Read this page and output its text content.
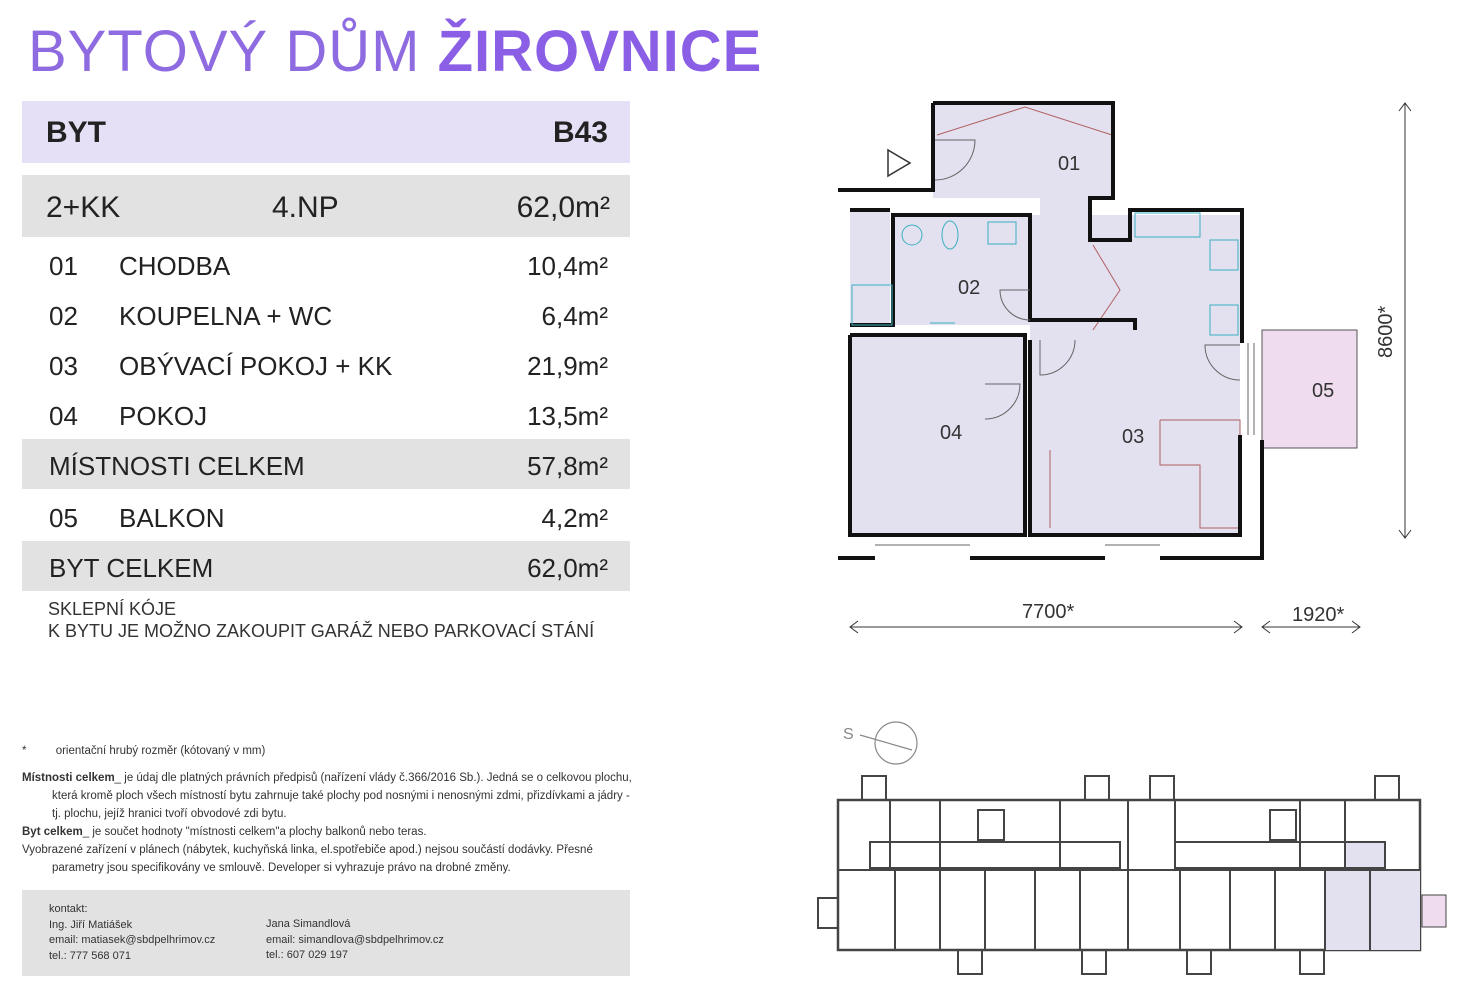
BYTOVÝ DŮM ŽIROVNICE
BYT	B43
2+KK	4.NP	62,0m²
01 CHODBA	10,4m²
02 KOUPELNA + WC	6,4m²
03 OBÝVACÍ POKOJ + KK	21,9m²
04 POKOJ	13,5m²
MÍSTNOSTI CELKEM	57,8m²
05 BALKON	4,2m²
BYT CELKEM	62,0m²
SKLEPNÍ KÓJE
K BYTU JE MOŽNO ZAKOUPIT GARÁŽ NEBO PARKOVACÍ STÁNÍ
*	orientační hrubý rozměr (kótovaný v mm)
Místnosti celkem_ je údaj dle platných právních předpisů (nařízení vlády č.366/2016 Sb.). Jedná se o celkovou plochu,
která kromě ploch všech místností bytu zahrnuje také plochy pod nosnými i nenosnými zdmi, přizdívkami a jádry -
tj. plochu, jejíž hranici tvoří obvodové zdi bytu.
Byt celkem_ je součet hodnoty "místnosti celkem"a plochy balkonů nebo teras.
Vyobrazené zařízení v plánech (nábytek, kuchyňská linka, el.spotřebiče apod.) nejsou součástí dodávky. Přesné
parametry jsou specifikovány ve smlouvě. Developer si vyhrazuje právo na drobné změny.
kontakt:
Ing. Jiří Matiášek
email: matiasek@sbdpelhrimov.cz
tel.: 777 568 071
Jana Simandlová
email: simandlova@sbdpelhrimov.cz
tel.: 607 029 197
01
02
03
04
05
7700*	1920*
8600*
S
